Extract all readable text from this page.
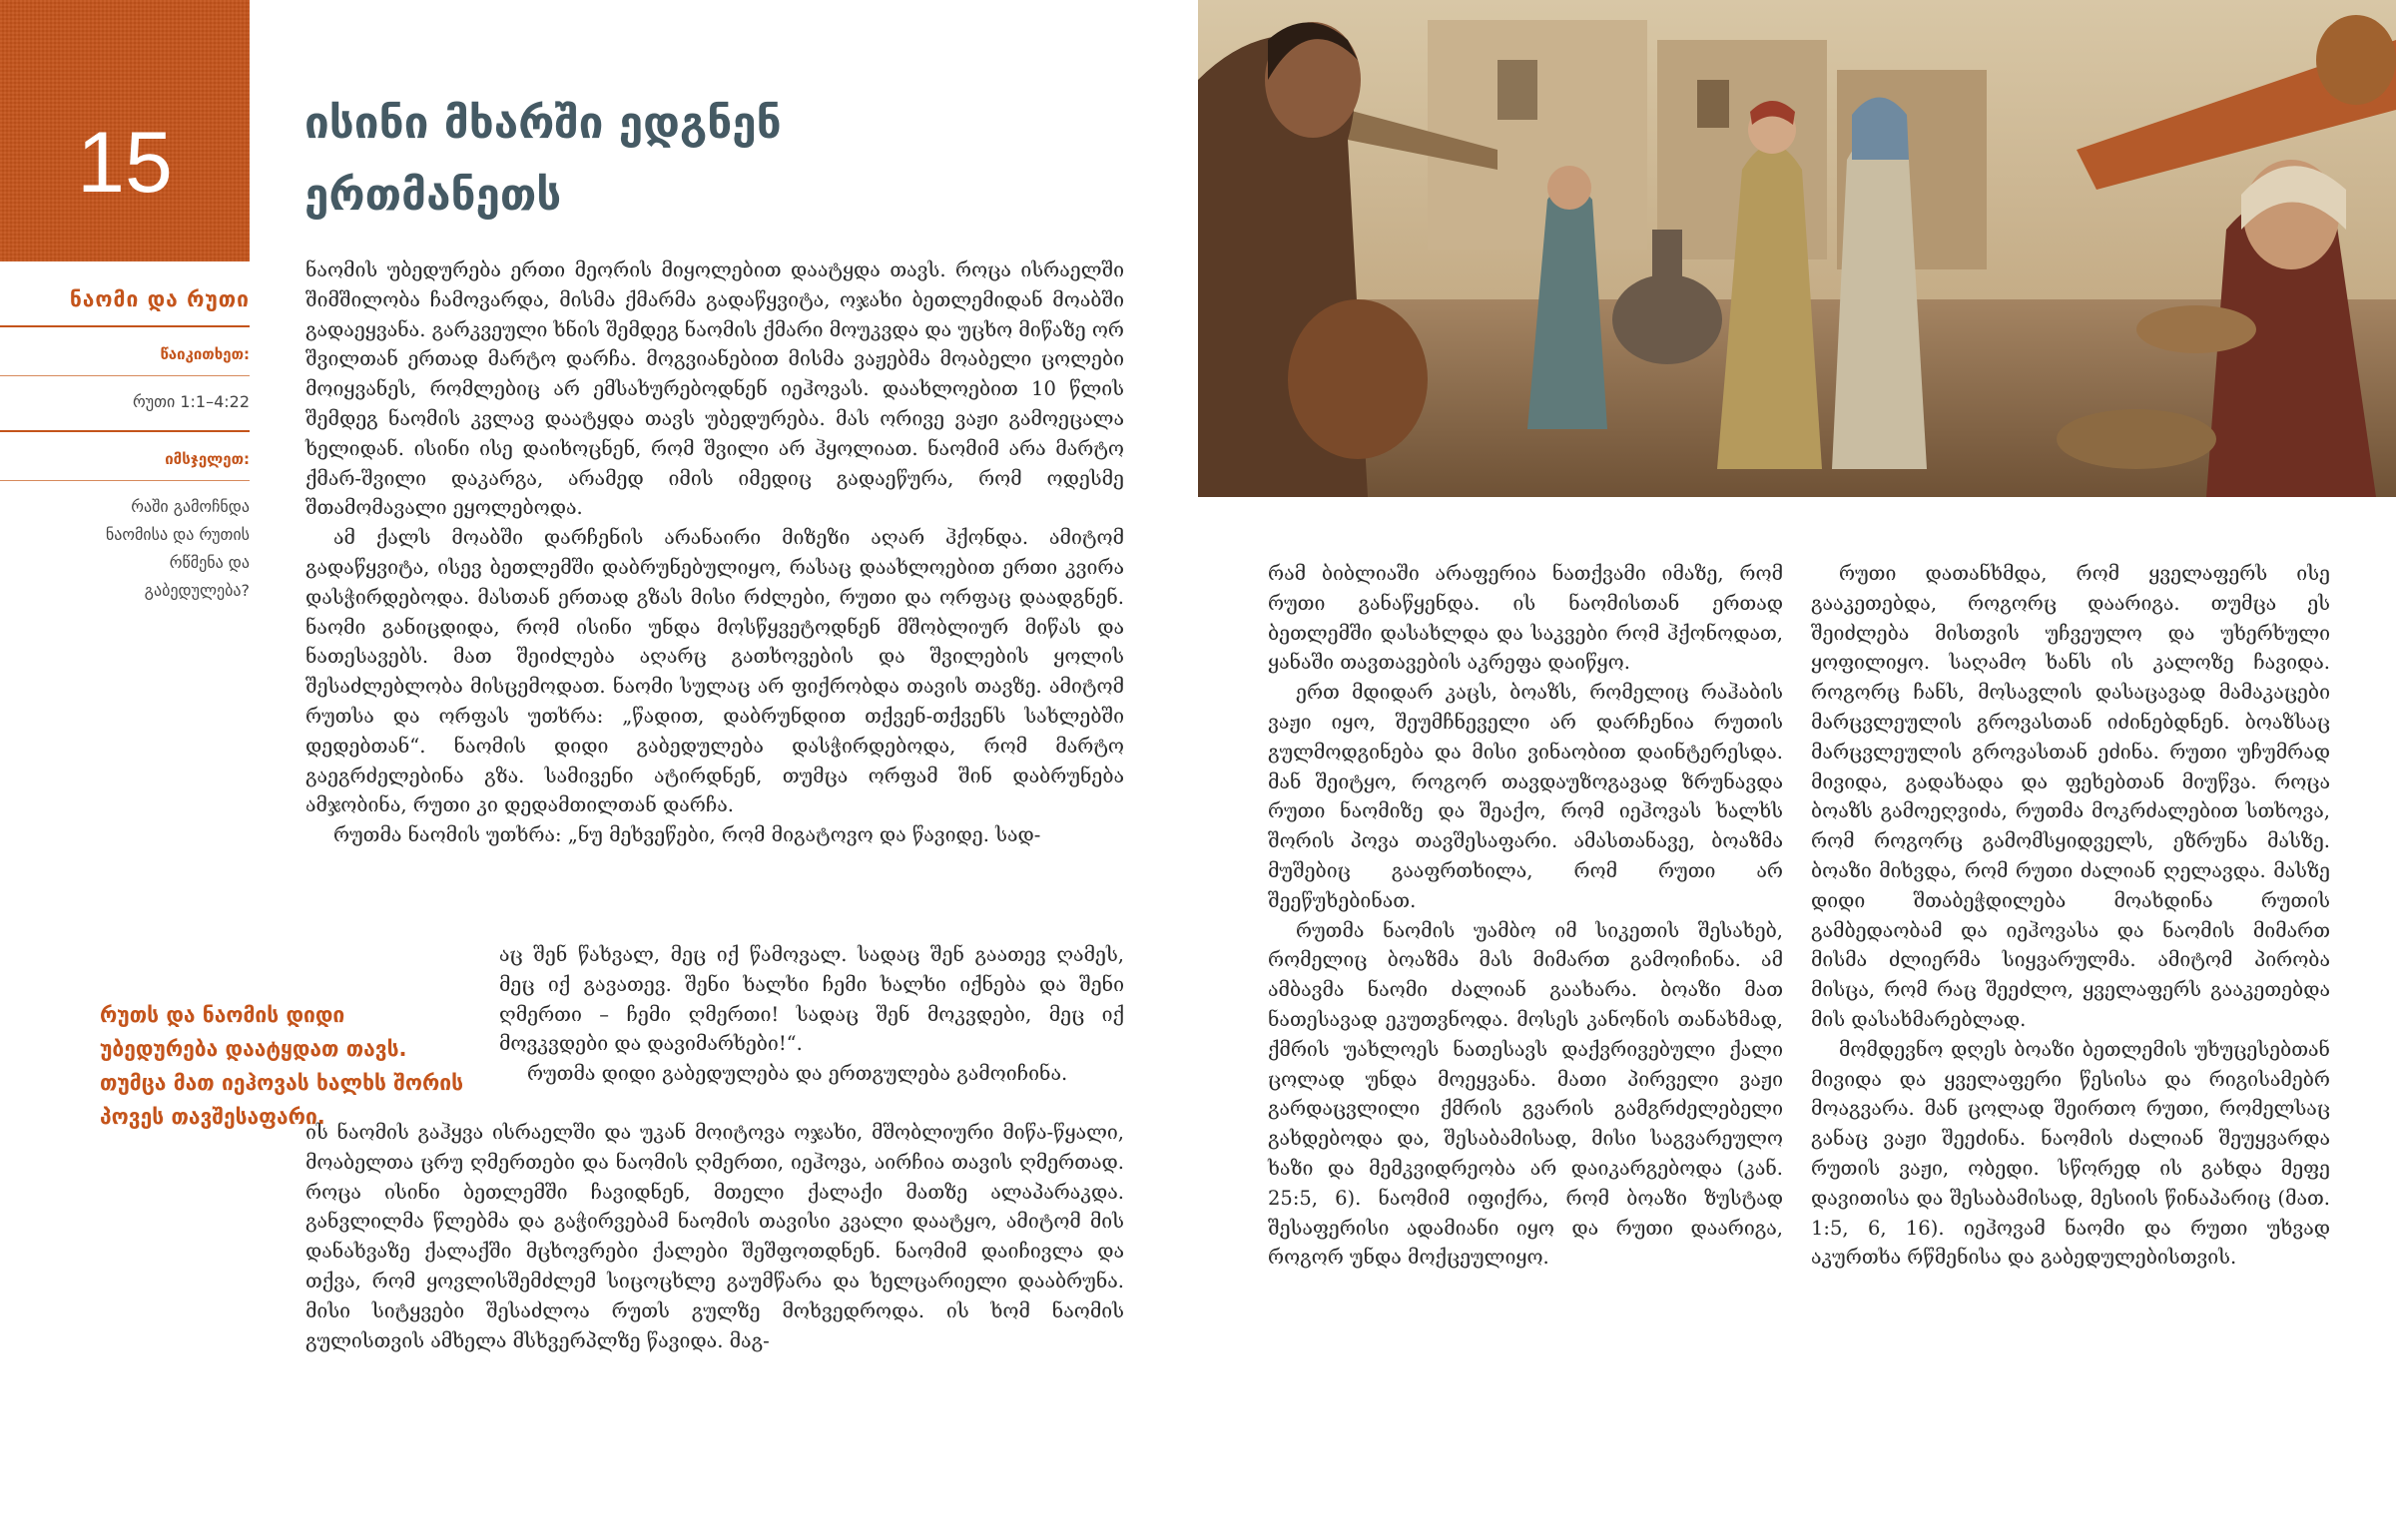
15
ნაომი და რუთი
წაიკითხეთ:
რუთი 1:1–4:22
იმსჯელეთ:
რაში გამოჩნდა
ნაომისა და რუთის
რწმენა და
გაბედულება?
ისინი მხარში ედგნენ
ერთმანეთს

ნაომის უბედურება ერთი მეორის მიყოლებით დაატყდა თავს. როცა ისრაელში შიმშილობა ჩამოვარდა, მისმა ქმარმა გადაწყვიტა, ოჯახი ბეთლემიდან მოაბში გადაეყვანა. გარკვეული ხნის შემდეგ ნაომის ქმარი მოუკვდა და უცხო მიწაზე ორ შვილთან ერთად მარტო დარჩა. მოგვიანებით მისმა ვაჟებმა მოაბელი ცოლები მოიყვანეს, რომლებიც არ ემსახურებოდნენ იეჰოვას. დაახლოებით 10 წლის შემდეგ ნაომის კვლავ დაატყდა თავს უბედურება. მას ორივე ვაჟი გამოეცალა ხელიდან. ისინი ისე დაიხოცნენ, რომ შვილი არ ჰყოლიათ. ნაომიმ არა მარტო ქმარ-შვილი დაკარგა, არამედ იმის იმედიც გადაეწურა, რომ ოდესმე შთამომავალი ეყოლებოდა.

ამ ქალს მოაბში დარჩენის არანაირი მიზეზი აღარ ჰქონდა. ამიტომ გადაწყვიტა, ისევ ბეთლემში დაბრუნებულიყო, რასაც დაახლოებით ერთი კვირა დასჭირდებოდა. მასთან ერთად გზას მისი რძლები, რუთი და ორფაც დაადგნენ. ნაომი განიცდიდა, რომ ისინი უნდა მოსწყვეტოდნენ მშობლიურ მიწას და ნათესავებს. მათ შეიძლება აღარც გათხოვების და შვილების ყოლის შესაძლებლობა მისცემოდათ. ნაომი სულაც არ ფიქრობდა თავის თავზე. ამიტომ რუთსა და ორფას უთხრა: „წადით, დაბრუნდით თქვენ-თქვენს სახლებში დედებთან“. ნაომის დიდი გაბედულება დასჭირდებოდა, რომ მარტო გაეგრძელებინა გზა. სამივენი ატირდნენ, თუმცა ორფამ შინ დაბრუნება ამჯობინა, რუთი კი დედამთილთან დარჩა.

რუთმა ნაომის უთხრა: „ნუ მეხვეწები, რომ მიგატოვო და წავიდე. სად-

რუთს და ნაომის დიდი უბედურება დაატყდათ თავს. თუმცა მათ იეჰოვას ხალხს შორის პოვეს თავშესაფარი.

აც შენ წახვალ, მეც იქ წამოვალ. სადაც შენ გაათევ ღამეს, მეც იქ გავათევ. შენი ხალხი ჩემი ხალხი იქნება და შენი ღმერთი – ჩემი ღმერთი! სადაც შენ მოკვდები, მეც იქ მოვკვდები და დავიმარხები!“.

რუთმა დიდი გაბედულება და ერთგულება გამოიჩინა.

ის ნაომის გაჰყვა ისრაელში და უკან მოიტოვა ოჯახი, მშობლიური მიწა-წყალი, მოაბელთა ცრუ ღმერთები და ნაომის ღმერთი, იეჰოვა, აირჩია თავის ღმერთად. როცა ისინი ბეთლემში ჩავიდნენ, მთელი ქალაქი მათზე ალაპარაკდა. განვლილმა წლებმა და გაჭირვებამ ნაომის თავისი კვალი დაატყო, ამიტომ მის დანახვაზე ქალაქში მცხოვრები ქალები შეშფოთდნენ. ნაომიმ დაიჩივლა და თქვა, რომ ყოვლისშემძლემ სიცოცხლე გაუმწარა და ხელცარიელი დააბრუნა. მისი სიტყვები შესაძლოა რუთს გულზე მოხვედროდა. ის ხომ ნაომის გულისთვის ამხელა მსხვერპლზე წავიდა. მაგ-

რამ ბიბლიაში არაფერია ნათქვამი იმაზე, რომ რუთი განაწყენდა. ის ნაომისთან ერთად ბეთლემში დასახლდა და საკვები რომ ჰქონოდათ, ყანაში თავთავების აკრეფა დაიწყო.

ერთ მდიდარ კაცს, ბოაზს, რომელიც რაჰაბის ვაჟი იყო, შეუმჩნეველი არ დარჩენია რუთის გულმოდგინება და მისი ვინაობით დაინტერესდა. მან შეიტყო, როგორ თავდაუზოგავად ზრუნავდა რუთი ნაომიზე და შეაქო, რომ იეჰოვას ხალხს შორის პოვა თავშესაფარი. ამასთანავე, ბოაზმა მუშებიც გააფრთხილა, რომ რუთი არ შეეწუხებინათ.

რუთმა ნაომის უამბო იმ სიკეთის შესახებ, რომელიც ბოაზმა მას მიმართ გამოიჩინა. ამ ამბავმა ნაომი ძალიან გაახარა. ბოაზი მათ ნათესავად ეკუთვნოდა. მოსეს კანონის თანახმად, ქმრის უახლოეს ნათესავს დაქვრივებული ქალი ცოლად უნდა მოეყვანა. მათი პირველი ვაჟი გარდაცვლილი ქმრის გვარის გამგრძელებელი გახდებოდა და, შესაბამისად, მისი საგვარეულო ხაზი და მემკვიდრეობა არ დაიკარგებოდა (კან. 25:5, 6). ნაომიმ იფიქრა, რომ ბოაზი ზუსტად შესაფერისი ადამიანი იყო და რუთი დაარიგა, როგორ უნდა მოქცეულიყო.

რუთი დათანხმდა, რომ ყველაფერს ისე გააკეთებდა, როგორც დაარიგა. თუმცა ეს შეიძლება მისთვის უჩვეულო და უხერხული ყოფილიყო. საღამო ხანს ის კალოზე ჩავიდა. როგორც ჩანს, მოსავლის დასაცავად მამაკაცები მარცვლეულის გროვასთან იძინებდნენ. ბოაზსაც მარცვლეულის გროვასთან ეძინა. რუთი უჩუმრად მივიდა, გადახადა და ფეხებთან მიუწვა. როცა ბოაზს გამოეღვიძა, რუთმა მოკრძალებით სთხოვა, რომ როგორც გამომსყიდველს, ეზრუნა მასზე. ბოაზი მიხვდა, რომ რუთი ძალიან ღელავდა. მასზე დიდი შთაბეჭდილება მოახდინა რუთის გამბედაობამ და იეჰოვასა და ნაომის მიმართ მისმა ძლიერმა სიყვარულმა. ამიტომ პირობა მისცა, რომ რაც შეეძლო, ყველაფერს გააკეთებდა მის დასახმარებლად.

მომდევნო დღეს ბოაზი ბეთლემის უხუცესებთან მივიდა და ყველაფერი წესისა და რიგისამებრ მოაგვარა. მან ცოლად შეირთო რუთი, რომელსაც განაც ვაჟი შეეძინა. ნაომის ძალიან შეუყვარდა რუთის ვაჟი, ობედი. სწორედ ის გახდა მეფე დავითისა და შესაბამისად, მესიის წინაპარიც (მათ. 1:5, 6, 16). იეჰოვამ ნაომი და რუთი უხვად აკურთხა რწმენისა და გაბედულებისთვის.
